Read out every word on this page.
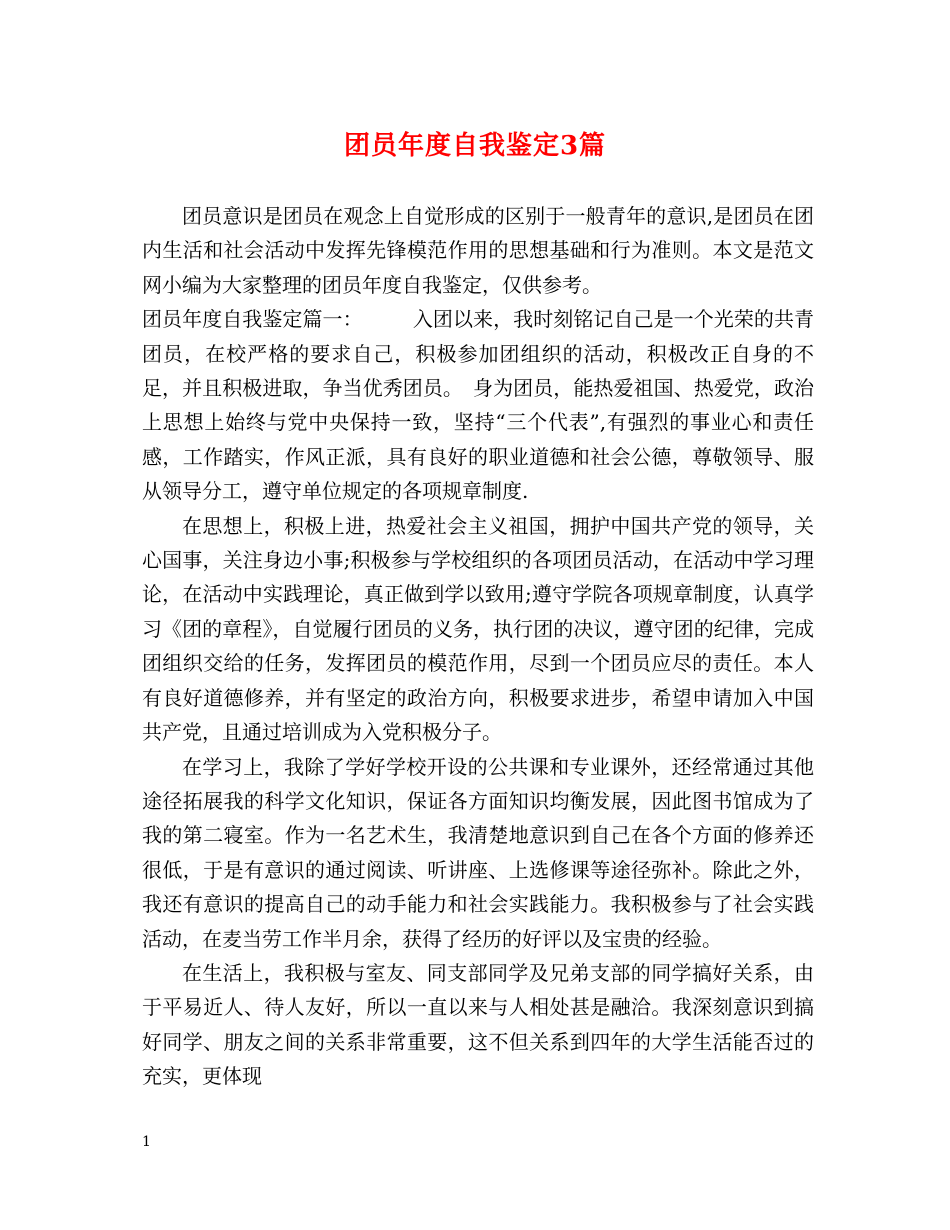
团员年度自我鉴定3篇

团员意识是团员在观念上自觉形成的区别于一般青年的意识,是团员在团内生活和社会活动中发挥先锋模范作用的思想基础和行为准则。本文是范文网小编为大家整理的团员年度自我鉴定，仅供参考。

团员年度自我鉴定篇一：　　　入团以来，我时刻铭记自己是一个光荣的共青团员，在校严格的要求自己，积极参加团组织的活动，积极改正自身的不足，并且积极进取，争当优秀团员。　身为团员，能热爱祖国、热爱党，政治上思想上始终与党中央保持一致，坚持“三个代表”,有强烈的事业心和责任感，工作踏实，作风正派，具有良好的职业道德和社会公德，尊敬领导、服从领导分工，遵守单位规定的各项规章制度.

在思想上，积极上进，热爱社会主义祖国，拥护中国共产党的领导，关心国事，关注身边小事;积极参与学校组织的各项团员活动，在活动中学习理论，在活动中实践理论，真正做到学以致用;遵守学院各项规章制度，认真学习《团的章程》，自觉履行团员的义务，执行团的决议，遵守团的纪律，完成团组织交给的任务，发挥团员的模范作用，尽到一个团员应尽的责任。本人有良好道德修养，并有坚定的政治方向，积极要求进步，希望申请加入中国共产党，且通过培训成为入党积极分子。

在学习上，我除了学好学校开设的公共课和专业课外，还经常通过其他途径拓展我的科学文化知识，保证各方面知识均衡发展，因此图书馆成为了我的第二寝室。作为一名艺术生，我清楚地意识到自己在各个方面的修养还很低，于是有意识的通过阅读、听讲座、上选修课等途径弥补。除此之外，我还有意识的提高自己的动手能力和社会实践能力。我积极参与了社会实践活动，在麦当劳工作半月余，获得了经历的好评以及宝贵的经验。

在生活上，我积极与室友、同支部同学及兄弟支部的同学搞好关系，由于平易近人、待人友好，所以一直以来与人相处甚是融洽。我深刻意识到搞好同学、朋友之间的关系非常重要，这不但关系到四年的大学生活能否过的充实，更体现

1
